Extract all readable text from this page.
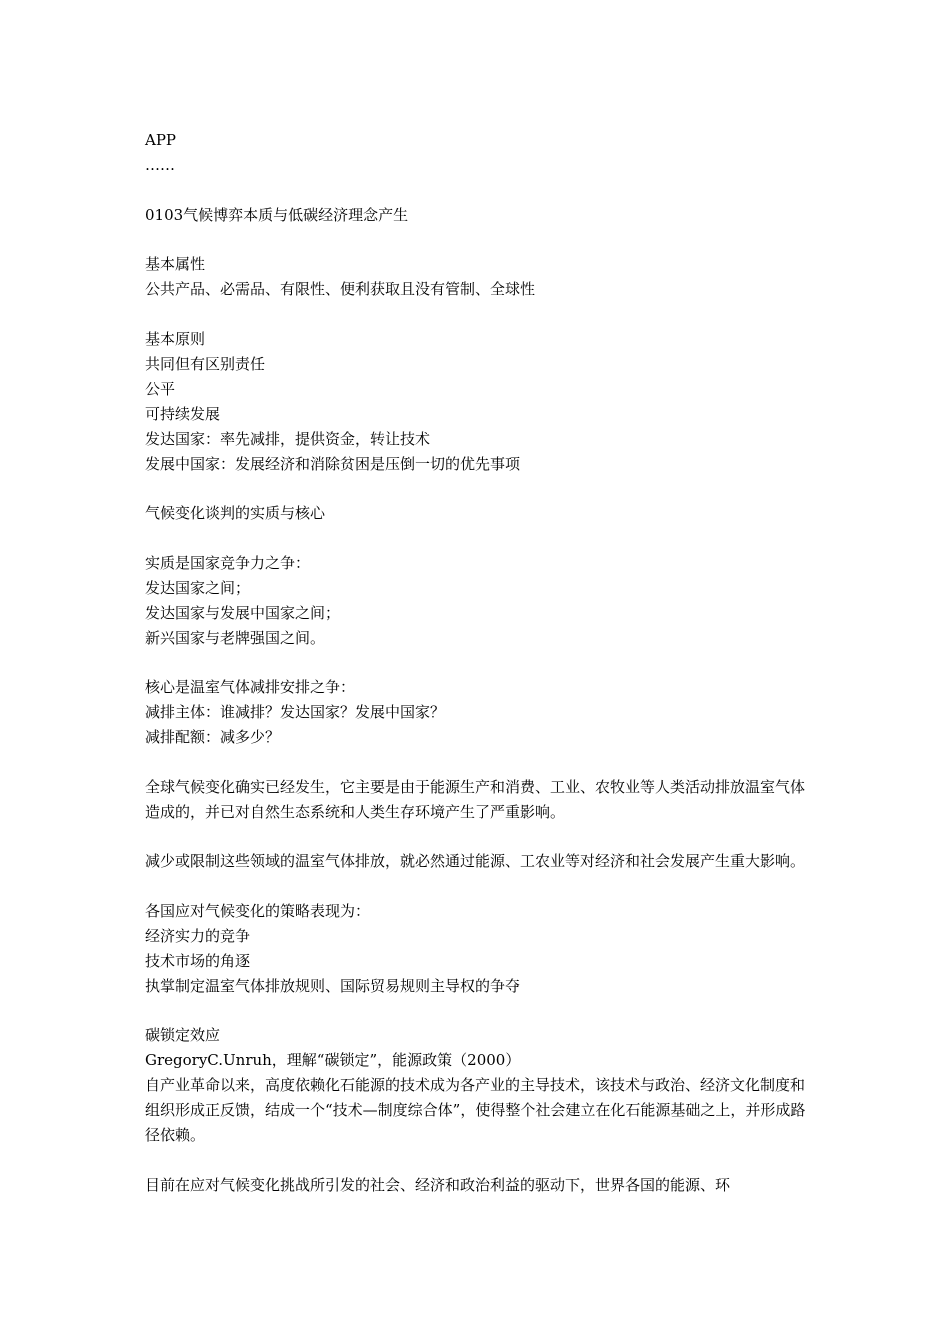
APP
……
0103气候博弈本质与低碳经济理念产生
基本属性
公共产品、必需品、有限性、便利获取且没有管制、全球性
基本原则
共同但有区别责任
公平
可持续发展
发达国家：率先减排，提供资金，转让技术
发展中国家：发展经济和消除贫困是压倒一切的优先事项
气候变化谈判的实质与核心
实质是国家竞争力之争：
发达国家之间；
发达国家与发展中国家之间；
新兴国家与老牌强国之间。
核心是温室气体减排安排之争：
减排主体：谁减排？发达国家？发展中国家？
减排配额：减多少？
全球气候变化确实已经发生，它主要是由于能源生产和消费、工业、农牧业等人类活动排放温室气体造成的，并已对自然生态系统和人类生存环境产生了严重影响。
减少或限制这些领域的温室气体排放，就必然通过能源、工农业等对经济和社会发展产生重大影响。
各国应对气候变化的策略表现为：
经济实力的竞争
技术市场的角逐
执掌制定温室气体排放规则、国际贸易规则主导权的争夺
碳锁定效应
GregoryC.Unruh，理解“碳锁定”，能源政策（2000）
自产业革命以来，高度依赖化石能源的技术成为各产业的主导技术，该技术与政治、经济文化制度和组织形成正反馈，结成一个“技术—制度综合体”，使得整个社会建立在化石能源基础之上，并形成路径依赖。
目前在应对气候变化挑战所引发的社会、经济和政治利益的驱动下，世界各国的能源、环
